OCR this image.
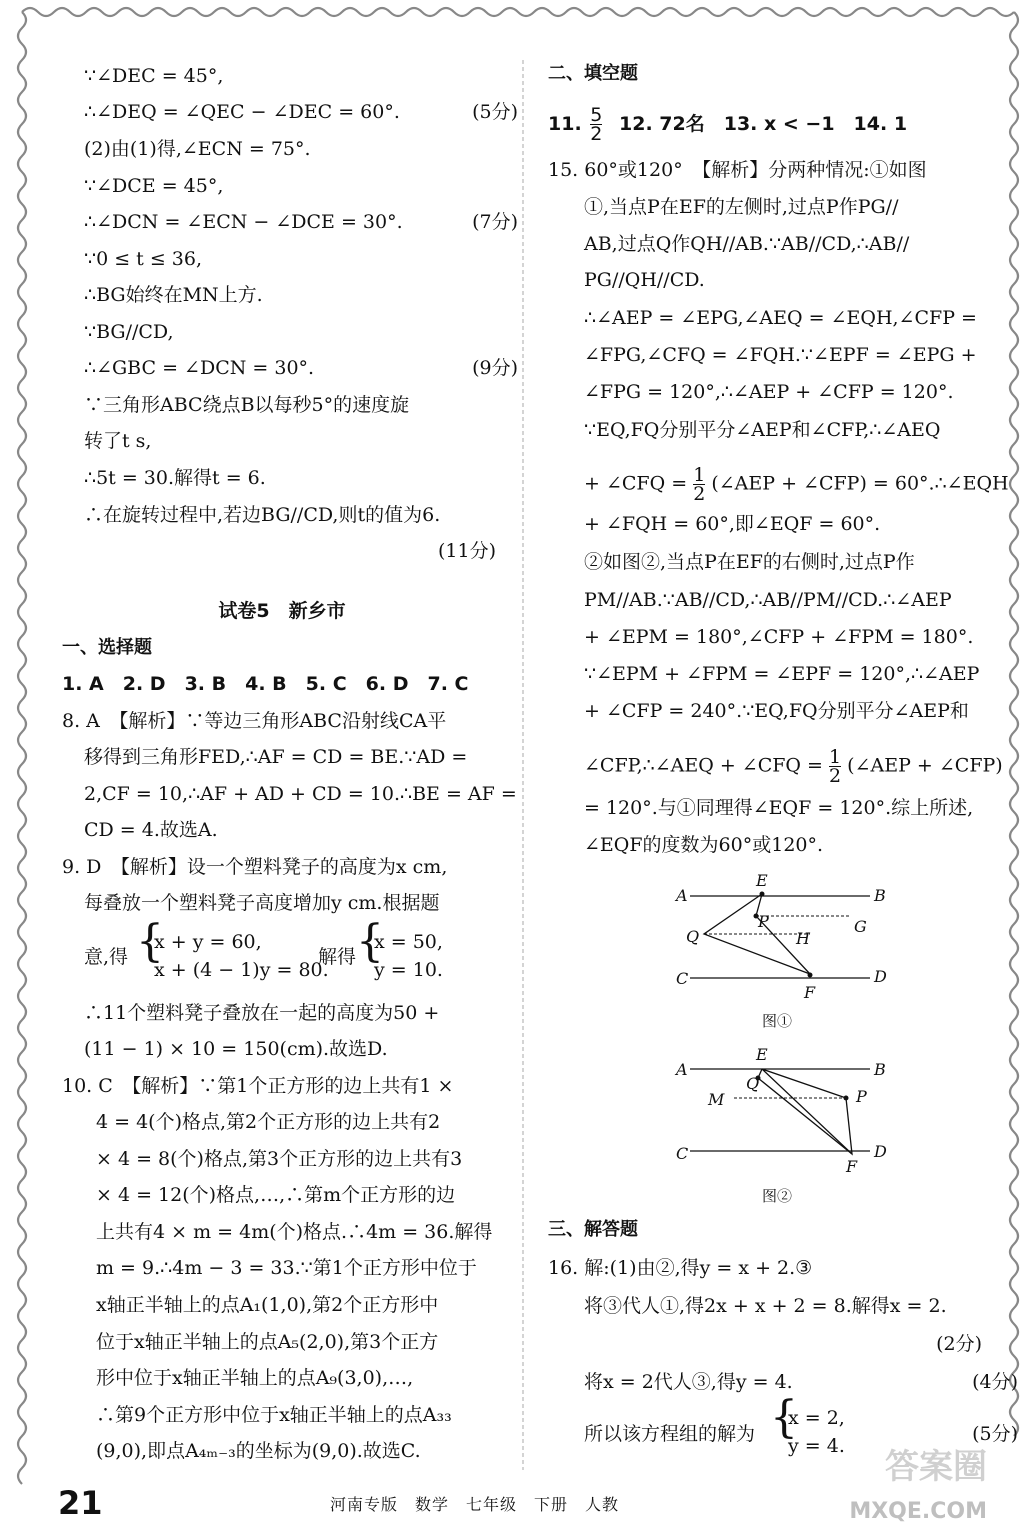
∵∠DEC = 45°,
∴∠DEQ = ∠QEC − ∠DEC = 60°.	(5分)
(2)由(1)得,∠ECN = 75°.
∵∠DCE = 45°,
∴∠DCN = ∠ECN − ∠DCE = 30°.	(7分)
∵0 ≤ t ≤ 36,
∴BG始终在MN上方.
∵BG//CD,
∴∠GBC = ∠DCN = 30°.	(9分)
∵三角形ABC绕点B以每秒5°的速度旋
转了t s,
∴5t = 30.解得t = 6.
∴在旋转过程中,若边BG//CD,则t的值为6.
(11分)
试卷5　新乡市
一、选择题
1. A　2. D　3. B　4. B　5. C　6. D　7. C
8. A　【解析】∵等边三角形ABC沿射线CA平
移得到三角形FED,∴AF = CD = BE.∵AD =
2,CF = 10,∴AF + AD + CD = 10.∴BE = AF =
CD = 4.故选A.
9. D　【解析】设一个塑料凳子的高度为x cm,
每叠放一个塑料凳子高度增加y cm.根据题
意,得 {
x + y = 60,
x + (4 − 1)y = 80.
解得 {
x = 50,
y = 10.
∴11个塑料凳子叠放在一起的高度为50 +
(11 − 1) × 10 = 150(cm).故选D.
10. C　【解析】∵第1个正方形的边上共有1 ×
4 = 4(个)格点,第2个正方形的边上共有2
× 4 = 8(个)格点,第3个正方形的边上共有3
× 4 = 12(个)格点,…,∴第m个正方形的边
上共有4 × m = 4m(个)格点.∴4m = 36.解得
m = 9.∴4m − 3 = 33.∵第1个正方形中位于
x轴正半轴上的点A₁(1,0),第2个正方形中
位于x轴正半轴上的点A₅(2,0),第3个正方
形中位于x轴正半轴上的点A₉(3,0),…,
∴第9个正方形中位于x轴正半轴上的点A₃₃
(9,0),即点A₄ₘ₋₃的坐标为(9,0).故选C.
二、填空题
11. $\frac{5}{2} 12$. 72名　13. x < −1　14. 1
15. 60°或120°　【解析】分两种情况:①如图
①,当点P在EF的左侧时,过点P作PG//
AB,过点Q作QH//AB.∵AB//CD,∴AB//
PG//QH//CD.
∴∠AEP = ∠EPG,∠AEQ = ∠EQH,∠CFP =
∠FPG,∠CFQ = ∠FQH.∵∠EPF = ∠EPG +
∠FPG = 120°,∴∠AEP + ∠CFP = 120°.
∵EQ,FQ分别平分∠AEP和∠CFP,∴∠AEQ
+ ∠CFQ = $\frac{1}{2}$ (∠AEP + ∠CFP) = 60°.∴∠EQH
+ ∠FQH = 60°,即∠EQF = 60°.
②如图②,当点P在EF的右侧时,过点P作
PM//AB.∵AB//CD,∴AB//PM//CD.∴∠AEP
+ ∠EPM = 180°,∠CFP + ∠FPM = 180°.
∵∠EPM + ∠FPM = ∠EPF = 120°,∴∠AEP
+ ∠CFP = 240°.∵EQ,FQ分别平分∠AEP和
∠CFP,∴∠AEQ + ∠CFQ = $\frac{1}{2}$ (∠AEP + ∠CFP)
= 120°.与①同理得∠EQF = 120°.综上所述,
∠EQF的度数为60°或120°.
A
E
B
P	G
Q	H
C
F
D
图①
A
E
B
Q
M	P
C
F
D
图②
三、解答题
16. 解:(1)由②,得y = x + 2.③
将③代人①,得2x + x + 2 = 8.解得x = 2.
(2分)
将x = 2代人③,得y = 4.	(4分)
所以该方程组的解为	(5分)
{
x = 2,
y = 4.
21	河南专版　数学　七年级　下册　人教
答案圈
MXQE.COM
